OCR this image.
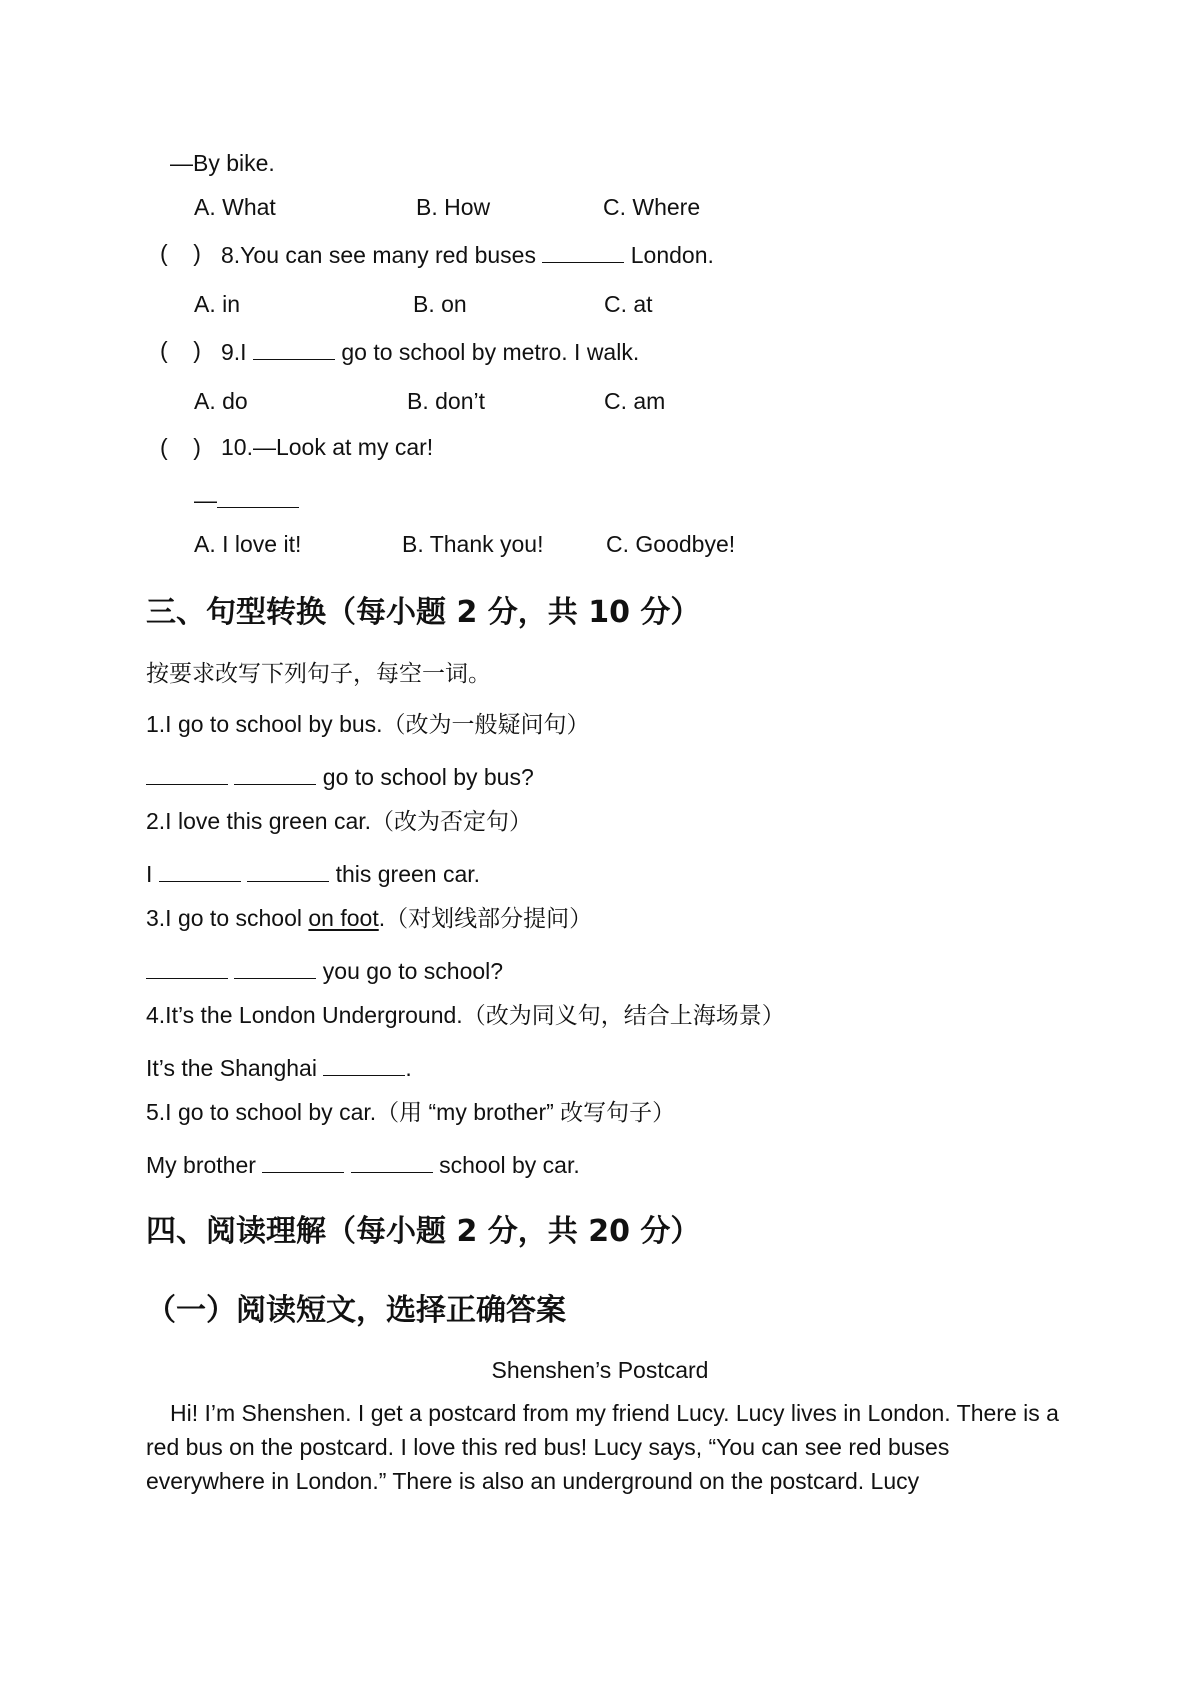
—By bike.
A. What	B. How	C. Where
(    ) 8.You can see many red buses	London.
A. in	B. on	C. at
(    ) 9.I	go to school by metro. I walk.
A. do	B. don’t	C. am
(    ) 10.—Look at my car!
—
A. I love it!	B. Thank you!	C. Goodbye!
三、句型转换（每小题 2 分，共 10 分）
按要求改写下列句子，每空一词。
1.I go to school by bus.（改为一般疑问句）
go to school by bus?
2.I love this green car.（改为否定句）
I	this green car.
3.I go to school on foot.（对划线部分提问）
you go to school?
4.It’s the London Underground.（改为同义句，结合上海场景）
It’s the Shanghai	.
5.I go to school by car.（用 “my brother” 改写句子）
My brother	school by car.
四、阅读理解（每小题 2 分，共 20 分）
（一）阅读短文，选择正确答案
Shenshen’s Postcard
Hi! I’m Shenshen. I get a postcard from my friend Lucy. Lucy lives in London. There is a red bus on the postcard. I love this red bus! Lucy says, “You can see red buses everywhere in London.” There is also an underground on the postcard. Lucy
